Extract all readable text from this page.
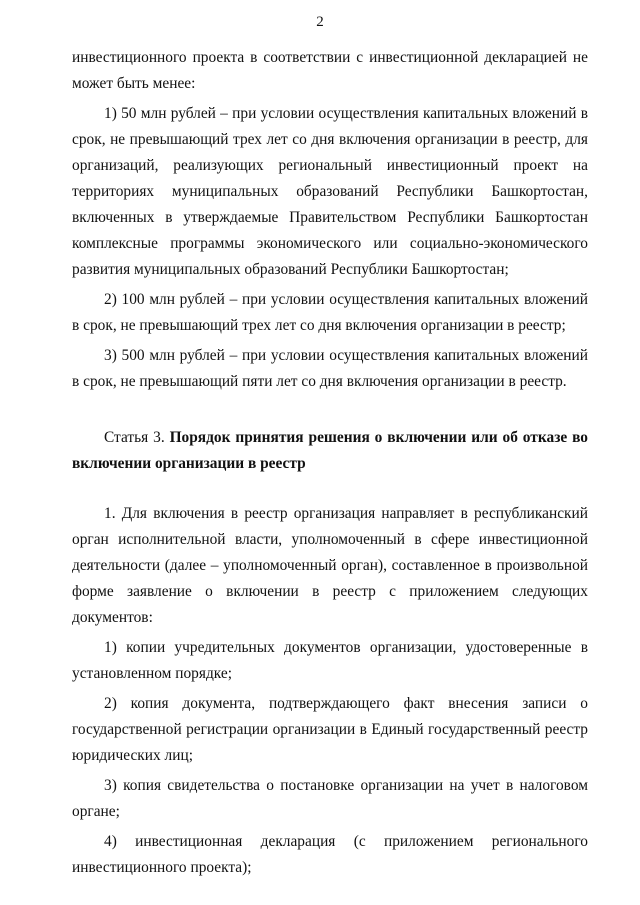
2

инвестиционного проекта в соответствии с инвестиционной декларацией не может быть менее:

1) 50 млн рублей – при условии осуществления капитальных вложений в срок, не превышающий трех лет со дня включения организации в реестр, для организаций, реализующих региональный инвестиционный проект на территориях муниципальных образований Республики Башкортостан, включенных в утверждаемые Правительством Республики Башкортостан комплексные программы экономического или социально-экономического развития муниципальных образований Республики Башкортостан;

2) 100 млн рублей – при условии осуществления капитальных вложений в срок, не превышающий трех лет со дня включения организации в реестр;

3) 500 млн рублей – при условии осуществления капитальных вложений в срок, не превышающий пяти лет со дня включения организации в реестр.

Статья 3. Порядок принятия решения о включении или об отказе во включении организации в реестр

1. Для включения в реестр организация направляет в республиканский орган исполнительной власти, уполномоченный в сфере инвестиционной деятельности (далее – уполномоченный орган), составленное в произвольной форме заявление о включении в реестр с приложением следующих документов:

1) копии учредительных документов организации, удостоверенные в установленном порядке;

2) копия документа, подтверждающего факт внесения записи о государственной регистрации организации в Единый государственный реестр юридических лиц;

3) копия свидетельства о постановке организации на учет в налоговом органе;

4) инвестиционная декларация (с приложением регионального инвестиционного проекта);
